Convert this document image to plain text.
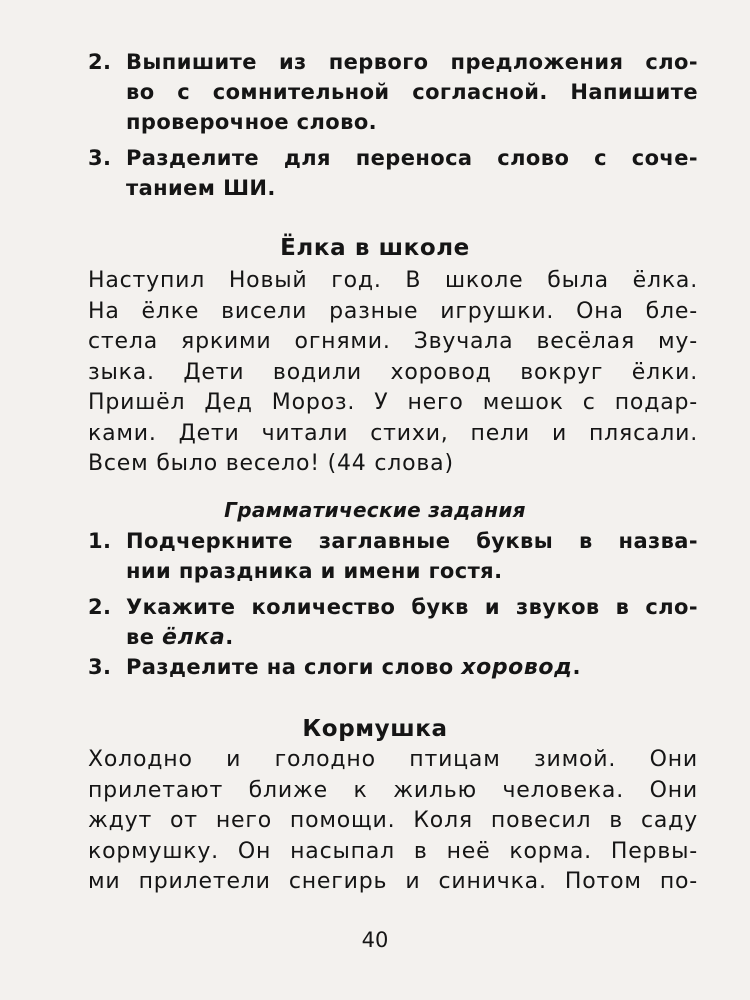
2. Выпишите из первого предложения сло-
во с сомнительной согласной. Напишите
проверочное слово.
3. Разделите для переноса слово с соче-
танием ШИ.
Ёлка в школе
Наступил Новый год. В школе была ёлка.
На ёлке висели разные игрушки. Она бле-
стела яркими огнями. Звучала весёлая му-
зыка. Дети водили хоровод вокруг ёлки.
Пришёл Дед Мороз. У него мешок с подар-
ками. Дети читали стихи, пели и плясали.
Всем было весело! (44 слова)
Грамматические задания
1. Подчеркните заглавные буквы в назва-
нии праздника и имени гостя.
2. Укажите количество букв и звуков в сло-
ве ёлка.
3. Разделите на слоги слово хоровод.
Кормушка
Холодно и голодно птицам зимой. Они
прилетают ближе к жилью человека. Они
ждут от него помощи. Коля повесил в саду
кормушку. Он насыпал в неё корма. Первы-
ми прилетели снегирь и синичка. Потом по-
40
